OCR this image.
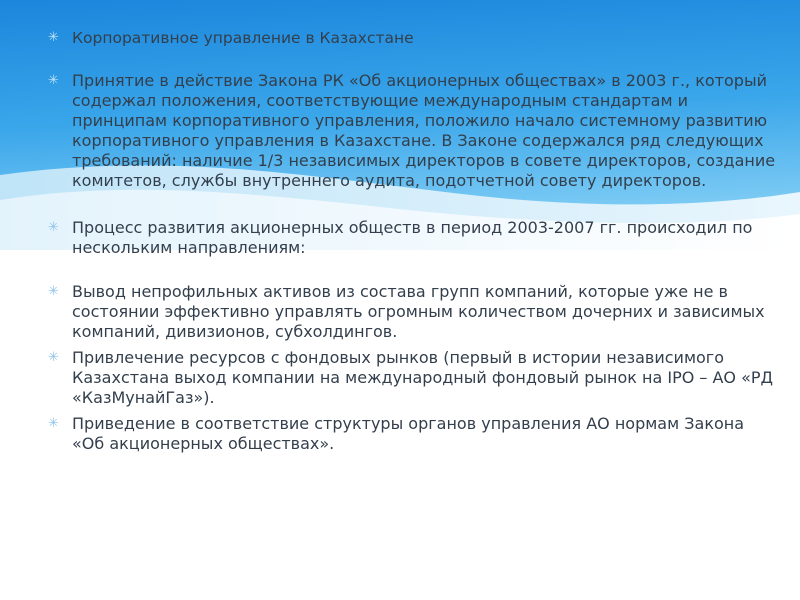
✳ Корпоративное управление в Казахстане
✳ Принятие в действие Закона РК «Об акционерных обществах» в 2003 г., который содержал положения, соответствующие международным стандартам и принципам корпоративного управления, положило начало системному развитию корпоративного управления в Казахстане. В Законе содержался ряд следующих требований: наличие 1/3 независимых директоров в совете директоров, создание комитетов, службы внутреннего аудита, подотчетной совету директоров.
✳ Процесс развития акционерных обществ в период 2003-2007 гг. происходил по нескольким направлениям:
✳ Вывод непрофильных активов из состава групп компаний, которые уже не в состоянии эффективно управлять огромным количеством дочерних и зависимых компаний, дивизионов, субхолдингов.
✳ Привлечение ресурсов с фондовых рынков (первый в истории независимого Казахстана выход компании на международный фондовый рынок на IPO – АО «РД «КазМунайГаз»).
✳ Приведение в соответствие структуры органов управления АО нормам Закона «Об акционерных обществах».
